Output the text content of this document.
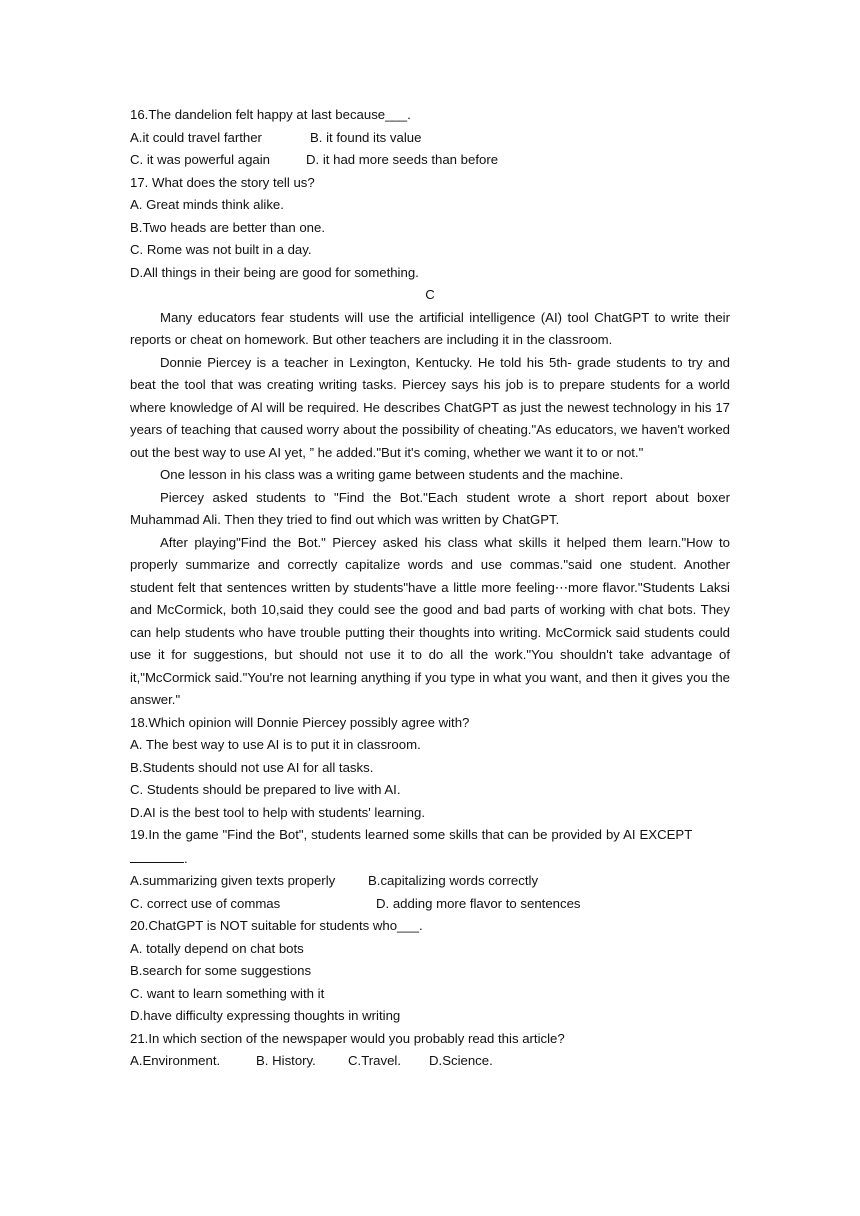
16.The dandelion felt happy at last because___.
A.it could travel farther	B. it found its value
C. it was powerful again	D. it had more seeds than before
17. What does the story tell us?
A. Great minds think alike.
B.Two heads are better than one.
C. Rome was not built in a day.
D.All things in their being are good for something.
C
Many educators fear students will use the artificial intelligence (AI) tool ChatGPT to write their reports or cheat on homework. But other teachers are including it in the classroom.
Donnie Piercey is a teacher in Lexington, Kentucky. He told his 5th- grade students to try and beat the tool that was creating writing tasks. Piercey says his job is to prepare students for a world where knowledge of Al will be required. He describes ChatGPT as just the newest technology in his 17 years of teaching that caused worry about the possibility of cheating."As educators, we haven't worked out the best way to use AI yet, ” he added."But it's coming, whether we want it to or not."
One lesson in his class was a writing game between students and the machine.
Piercey asked students to "Find the Bot."Each student wrote a short report about boxer Muhammad Ali. Then they tried to find out which was written by ChatGPT.
After playing"Find the Bot." Piercey asked his class what skills it helped them learn."How to properly summarize and correctly capitalize words and use commas."said one student. Another student felt that sentences written by students"have a little more feeling⋯more flavor."Students Laksi and McCormick, both 10,said they could see the good and bad parts of working with chat bots. They can help students who have trouble putting their thoughts into writing. McCormick said students could use it for suggestions, but should not use it to do all the work."You shouldn't take advantage of it,"McCormick said."You're not learning anything if you type in what you want, and then it gives you the answer."
18.Which opinion will Donnie Piercey possibly agree with?
A. The best way to use AI is to put it in classroom.
B.Students should not use AI for all tasks.
C. Students should be prepared to live with AI.
D.AI is the best tool to help with students' learning.
19.In the game "Find the Bot", students learned some skills that can be provided by AI EXCEPT .
A.summarizing given texts properly B.capitalizing words correctly
C. correct use of commas	D. adding more flavor to sentences
20.ChatGPT is NOT suitable for students who___.
A. totally depend on chat bots
B.search for some suggestions
C. want to learn something with it
D.have difficulty expressing thoughts in writing
21.In which section of the newspaper would you probably read this article?
A.Environment.	B. History. C.Travel. D.Science.
